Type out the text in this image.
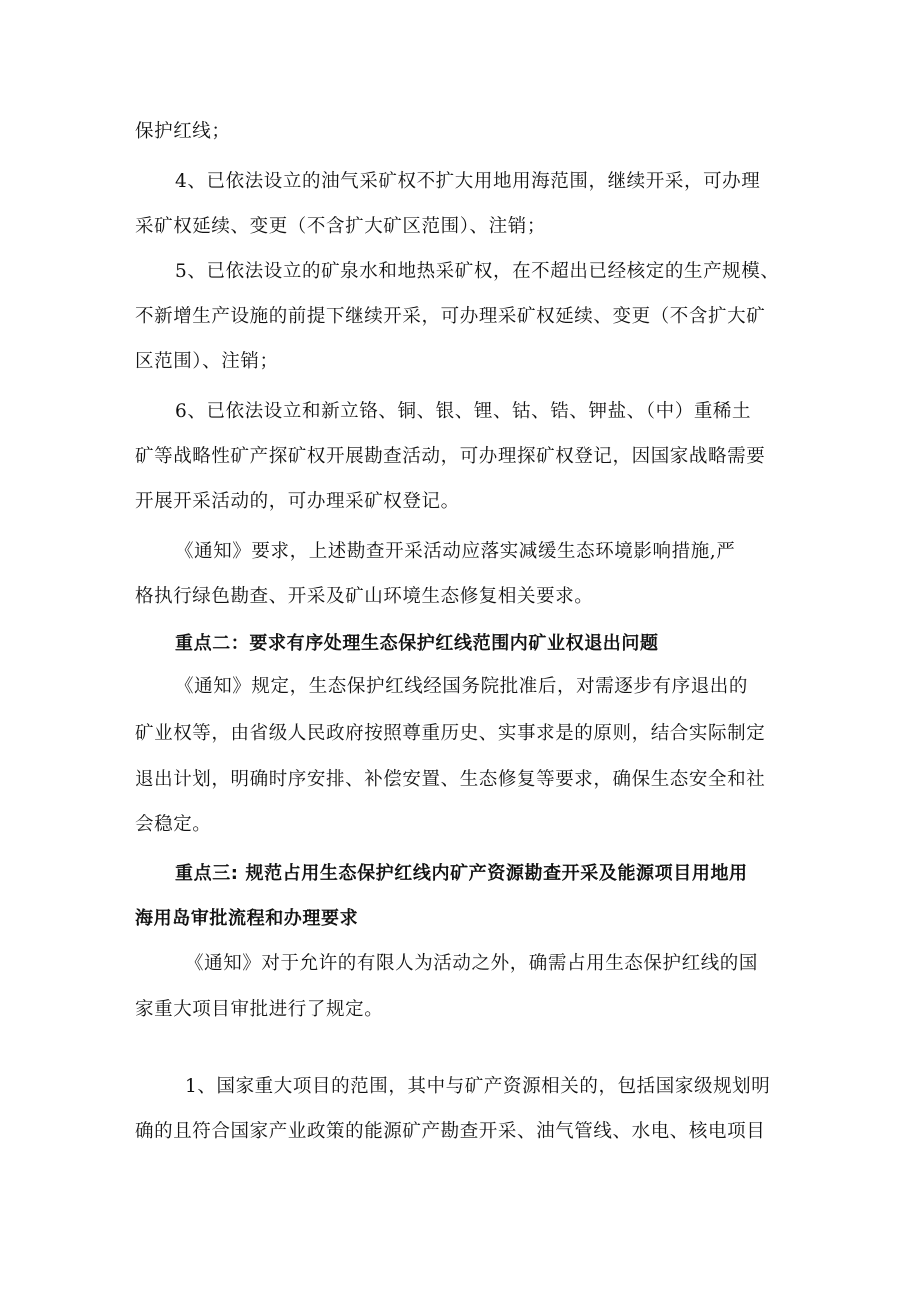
保护红线；
4、已依法设立的油气采矿权不扩大用地用海范围，继续开采，可办理
采矿权延续、变更（不含扩大矿区范围）、注销；
5、已依法设立的矿泉水和地热采矿权，在不超出已经核定的生产规模、
不新增生产设施的前提下继续开采，可办理采矿权延续、变更（不含扩大矿
区范围）、注销；
6、已依法设立和新立铬、铜、银、锂、钴、锆、钾盐、（中）重稀土
矿等战略性矿产探矿权开展勘查活动，可办理探矿权登记，因国家战略需要
开展开采活动的，可办理采矿权登记。
《通知》要求，上述勘查开采活动应落实减缓生态环境影响措施,严
格执行绿色勘查、开采及矿山环境生态修复相关要求。
重点二：要求有序处理生态保护红线范围内矿业权退出问题
《通知》规定，生态保护红线经国务院批准后，对需逐步有序退出的
矿业权等，由省级人民政府按照尊重历史、实事求是的原则，结合实际制定
退出计划，明确时序安排、补偿安置、生态修复等要求，确保生态安全和社
会稳定。
重点三: 规范占用生态保护红线内矿产资源勘查开采及能源项目用地用
海用岛审批流程和办理要求
《通知》对于允许的有限人为活动之外，确需占用生态保护红线的国
家重大项目审批进行了规定。
1、国家重大项目的范围，其中与矿产资源相关的，包括国家级规划明
确的且符合国家产业政策的能源矿产勘查开采、油气管线、水电、核电项目
